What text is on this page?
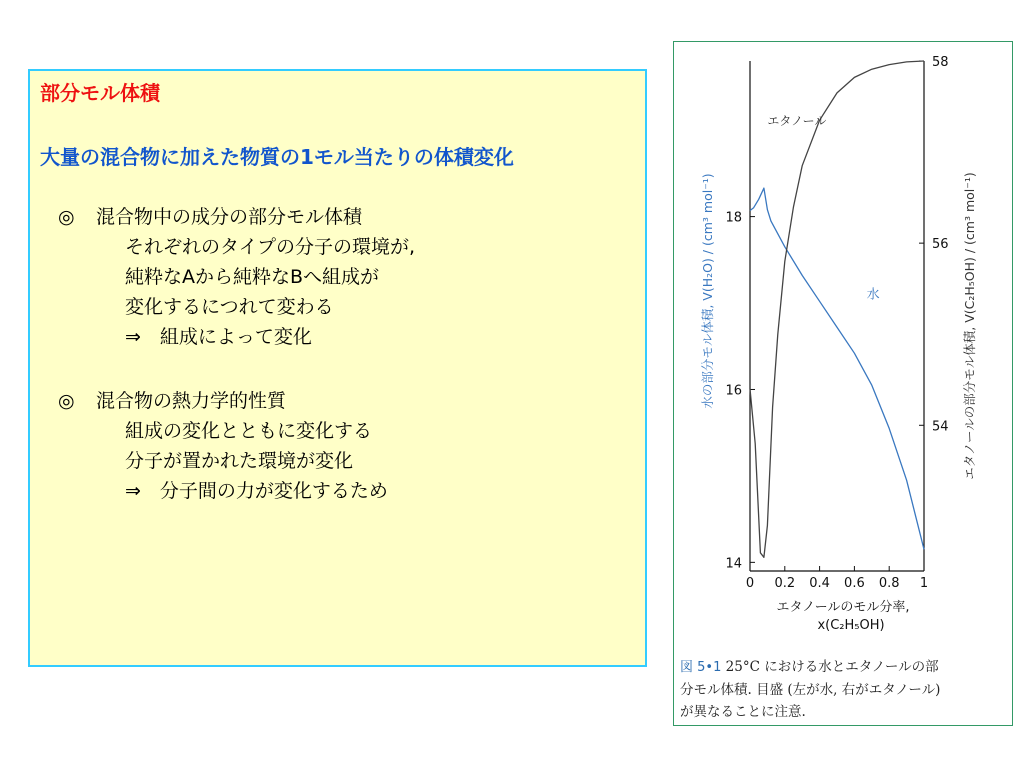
部分モル体積
大量の混合物に加えた物質の1モル当たりの体積変化
◎ 混合物中の成分の部分モル体積
それぞれのタイプの分子の環境が,
純粋なAから純粋なBへ組成が
変化するにつれて変わる
⇒　組成によって変化
◎ 混合物の熱力学的性質
組成の変化とともに変化する
分子が置かれた環境が変化
⇒　分子間の力が変化するため
0 0.2 0.4 0.6 0.8 1
14
16
18
54
56
58
水
エタノール
エタノールのモル分率,
x(C₂H₅OH)
水の部分モル体積, V(H₂O) / (cm³ mol⁻¹)	エタノールの部分モル体積, V(C₂H₅OH) / (cm³ mol⁻¹)
図 5•1 25°C における水とエタノールの部
分モル体積. 目盛 (左が水, 右がエタノール)
が異なることに注意.
